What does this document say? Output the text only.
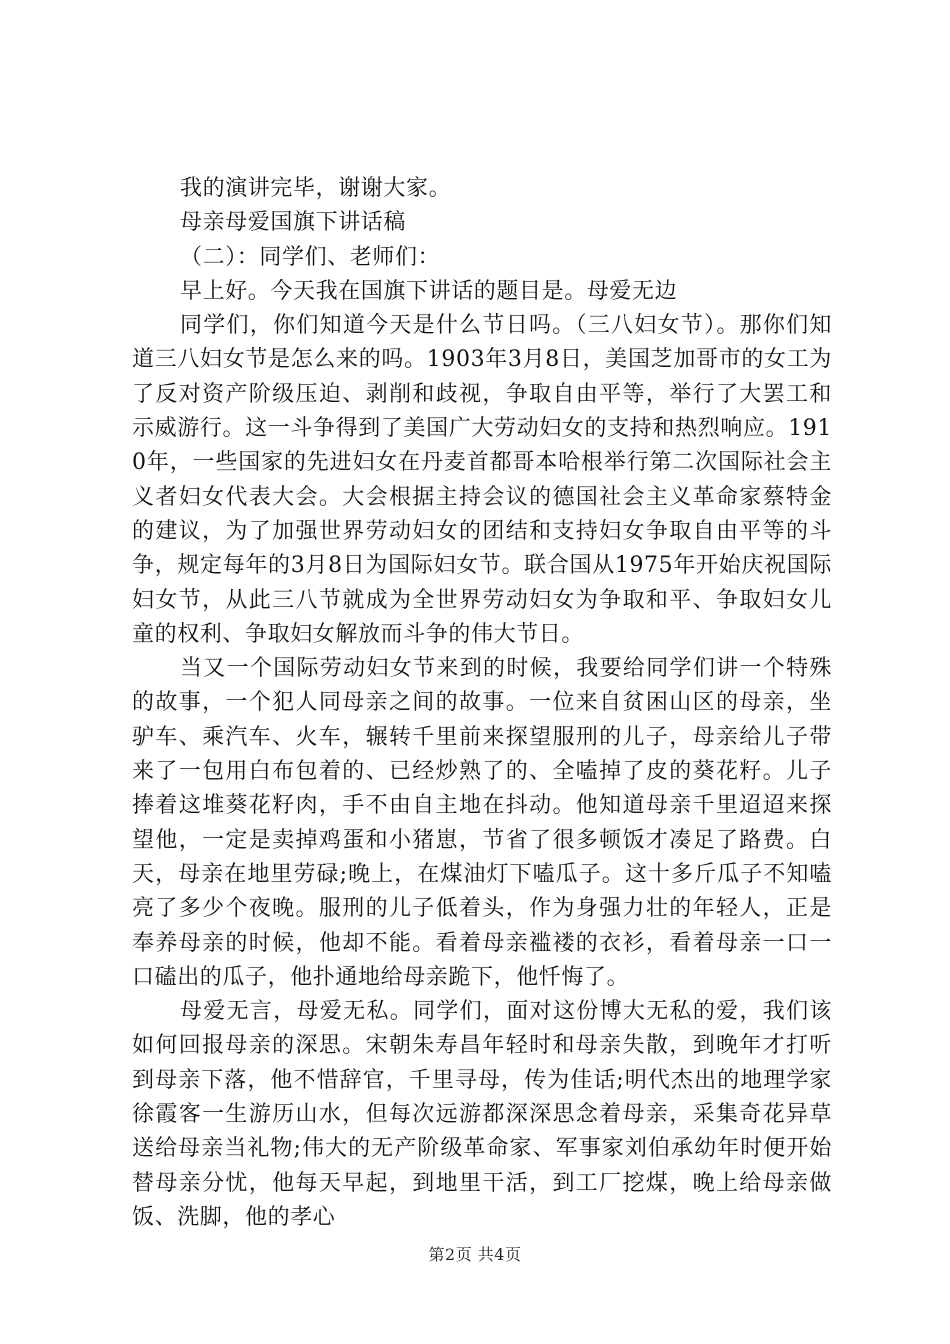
我的演讲完毕，谢谢大家。

母亲母爱国旗下讲话稿

（二）：同学们、老师们：

早上好。今天我在国旗下讲话的题目是。母爱无边

同学们，你们知道今天是什么节日吗。（三八妇女节）。那你们知道三八妇女节是怎么来的吗。1903年3月8日，美国芝加哥市的女工为了反对资产阶级压迫、剥削和歧视，争取自由平等，举行了大罢工和示威游行。这一斗争得到了美国广大劳动妇女的支持和热烈响应。1910年，一些国家的先进妇女在丹麦首都哥本哈根举行第二次国际社会主义者妇女代表大会。大会根据主持会议的德国社会主义革命家蔡特金的建议，为了加强世界劳动妇女的团结和支持妇女争取自由平等的斗争，规定每年的3月8日为国际妇女节。联合国从1975年开始庆祝国际妇女节，从此三八节就成为全世界劳动妇女为争取和平、争取妇女儿童的权利、争取妇女解放而斗争的伟大节日。

当又一个国际劳动妇女节来到的时候，我要给同学们讲一个特殊的故事，一个犯人同母亲之间的故事。一位来自贫困山区的母亲，坐驴车、乘汽车、火车，辗转千里前来探望服刑的儿子，母亲给儿子带来了一包用白布包着的、已经炒熟了的、全嗑掉了皮的葵花籽。儿子捧着这堆葵花籽肉，手不由自主地在抖动。他知道母亲千里迢迢来探望他，一定是卖掉鸡蛋和小猪崽，节省了很多顿饭才凑足了路费。白天，母亲在地里劳碌;晚上，在煤油灯下嗑瓜子。这十多斤瓜子不知嗑亮了多少个夜晚。服刑的儿子低着头，作为身强力壮的年轻人，正是奉养母亲的时候，他却不能。看着母亲褴褛的衣衫，看着母亲一口一口磕出的瓜子，他扑通地给母亲跪下，他忏悔了。

母爱无言，母爱无私。同学们，面对这份博大无私的爱，我们该如何回报母亲的深思。宋朝朱寿昌年轻时和母亲失散，到晚年才打听到母亲下落，他不惜辞官，千里寻母，传为佳话;明代杰出的地理学家徐霞客一生游历山水，但每次远游都深深思念着母亲，采集奇花异草送给母亲当礼物;伟大的无产阶级革命家、军事家刘伯承幼年时便开始替母亲分忧，他每天早起，到地里干活，到工厂挖煤，晚上给母亲做饭、洗脚，他的孝心

第2页 共4页
